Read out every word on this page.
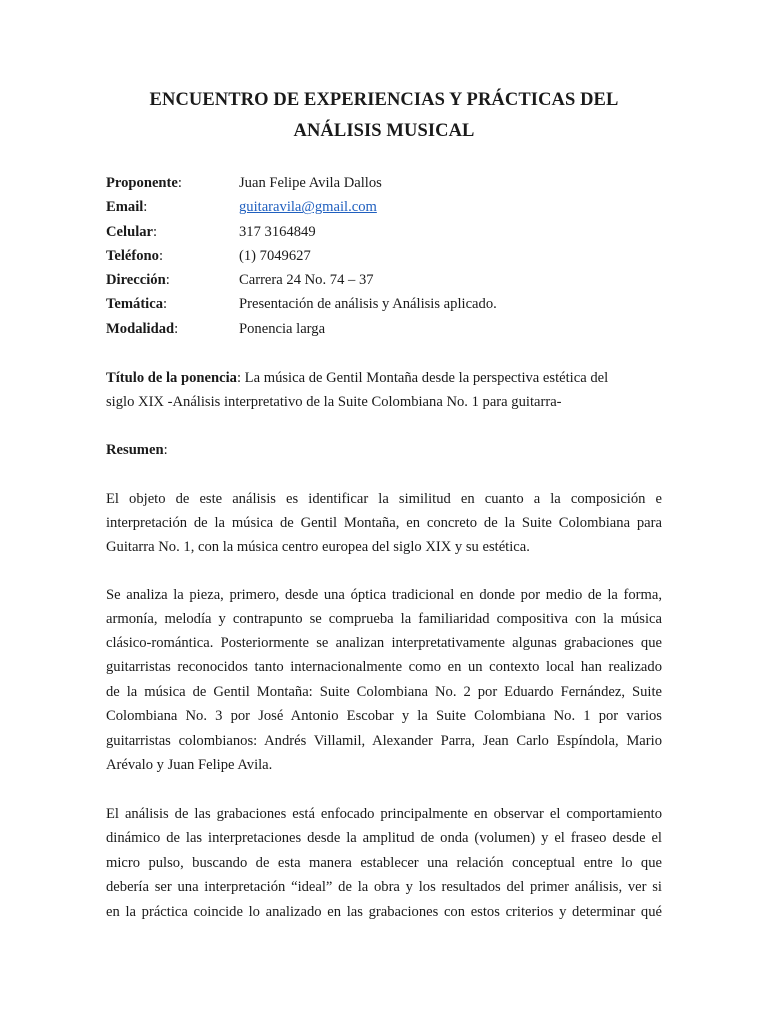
ENCUENTRO DE EXPERIENCIAS Y PRÁCTICAS DEL
ANÁLISIS MUSICAL
Proponente:	Juan Felipe Avila Dallos
Email:	guitaravila@gmail.com
Celular:	317 3164849
Teléfono:	(1) 7049627
Dirección:	Carrera 24 No. 74 – 37
Temática:	Presentación de análisis y Análisis aplicado.
Modalidad:	Ponencia larga
Título de la ponencia: La música de Gentil Montaña desde la perspectiva estética del
siglo XIX -Análisis interpretativo de la Suite Colombiana No. 1 para guitarra-
Resumen:
El objeto de este análisis es identificar la similitud en cuanto a la composición e
interpretación de la música de Gentil Montaña, en concreto de la Suite Colombiana para
Guitarra No. 1, con la música centro europea del siglo XIX y su estética.
Se analiza la pieza, primero, desde una óptica tradicional en donde por medio de la forma,
armonía, melodía y contrapunto se comprueba la familiaridad compositiva con la música
clásico-romántica. Posteriormente se analizan interpretativamente algunas grabaciones que
guitarristas reconocidos tanto internacionalmente como en un contexto local han realizado
de la música de Gentil Montaña: Suite Colombiana No. 2 por Eduardo Fernández, Suite
Colombiana No. 3 por José Antonio Escobar y la Suite Colombiana No. 1 por varios
guitarristas colombianos: Andrés Villamil, Alexander Parra, Jean Carlo Espíndola, Mario
Arévalo y Juan Felipe Avila.
El análisis de las grabaciones está enfocado principalmente en observar el comportamiento
dinámico de las interpretaciones desde la amplitud de onda (volumen) y el fraseo desde el
micro pulso, buscando de esta manera establecer una relación conceptual entre lo que
debería ser una interpretación “ideal” de la obra y los resultados del primer análisis, ver si
en la práctica coincide lo analizado en las grabaciones con estos criterios y determinar qué
